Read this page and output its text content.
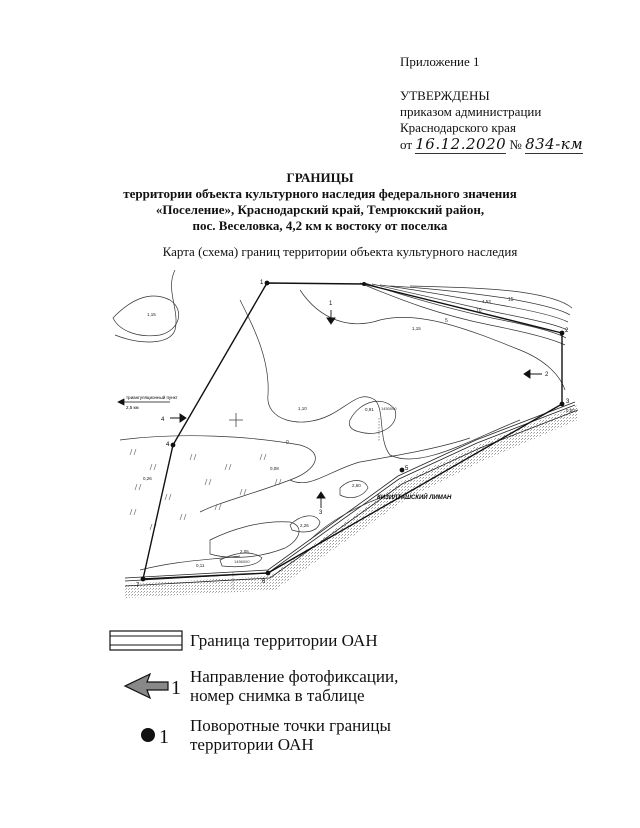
Приложение 1
УТВЕРЖДЕНЫ
приказом администрации
Краснодарского края
от 16.12.2020 № 834-км
ГРАНИЦЫ
территории объекта культурного наследия федерального значения
«Поселение», Краснодарский край, Темрюкский район,
пос. Веселовка, 4,2 км к востоку от поселка
Карта (схема) границ территории объекта культурного наследия
1
2
3
4
5
6
7
1
2
3
4
триангуляционный пункт
2,5 км
КИЗИЛТАШСКИЙ ЛИМАН
1,15
1,10
0,26
0,08
0,91
2,60
2,05
2,26
0,11
4,53
1,15
0,50
0
5
10
15
1450000
1456000
Граница территории ОАН
1
Направление фотофиксации,
номер снимка в таблице
1
Поворотные точки границы
территории ОАН
